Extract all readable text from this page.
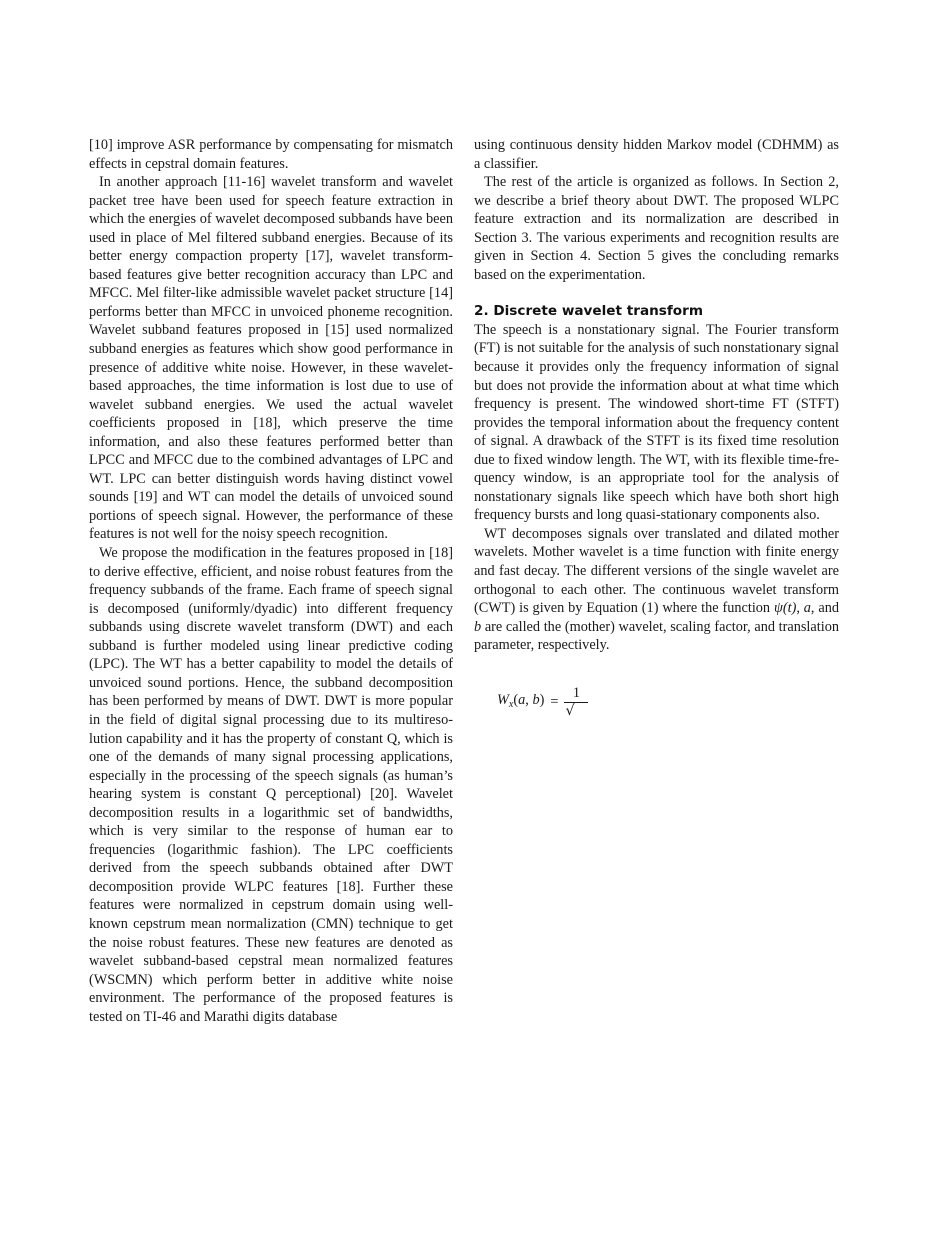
[10] improve ASR performance by compensating for mismatch effects in cepstral domain features.

In another approach [11-16] wavelet transform and wavelet packet tree have been used for speech feature extraction in which the energies of wavelet decomposed subbands have been used in place of Mel filtered subband energies. Because of its better energy compaction property [17], wavelet transform-based features give better recognition accuracy than LPC and MFCC. Mel filter-like admissible wavelet packet structure [14] performs better than MFCC in unvoiced phoneme recognition. Wavelet subband features proposed in [15] used normalized subband energies as features which show good performance in presence of additive white noise. However, in these wavelet-based approaches, the time information is lost due to use of wavelet subband energies. We used the actual wavelet coefficients proposed in [18], which preserve the time information, and also these features performed better than LPCC and MFCC due to the combined advantages of LPC and WT. LPC can better distinguish words having distinct vowel sounds [19] and WT can model the details of unvoiced sound portions of speech signal. However, the performance of these features is not well for the noisy speech recognition.

We propose the modification in the features proposed in [18] to derive effective, efficient, and noise robust features from the frequency subbands of the frame. Each frame of speech signal is decomposed (uniformly/dyadic) into different frequency subbands using discrete wavelet transform (DWT) and each subband is further modeled using linear predictive coding (LPC). The WT has a better capability to model the details of unvoiced sound portions. Hence, the subband decomposition has been performed by means of DWT. DWT is more popular in the field of digital signal processing due to its multiresolution capability and it has the property of constant Q, which is one of the demands of many signal processing applications, especially in the processing of the speech signals (as human’s hearing system is constant Q perceptional) [20]. Wavelet decomposition results in a logarithmic set of bandwidths, which is very similar to the response of human ear to frequencies (logarithmic fashion). The LPC coefficients derived from the speech subbands obtained after DWT decomposition provide WLPC features [18]. Further these features were normalized in cepstrum domain using well-known cepstrum mean normalization (CMN) technique to get the noise robust features. These new features are denoted as wavelet subband-based cepstral mean normalized features (WSCMN) which perform better in additive white noise environment. The performance of the proposed features is tested on TI-46 and Marathi digits database

using continuous density hidden Markov model (CDHMM) as a classifier.

The rest of the article is organized as follows. In Section 2, we describe a brief theory about DWT. The proposed WLPC feature extraction and its normalization are described in Section 3. The various experiments and recognition results are given in Section 4. Section 5 gives the concluding remarks based on the experimentation.

2. Discrete wavelet transform

The speech is a nonstationary signal. The Fourier transform (FT) is not suitable for the analysis of such nonstationary signal because it provides only the frequency information of signal but does not provide the information about at what time which frequency is present. The windowed short-time FT (STFT) provides the temporal information about the frequency content of signal. A drawback of the STFT is its fixed time resolution due to fixed window length. The WT, with its flexible time-frequency window, is an appropriate tool for the analysis of nonstationary signals like speech which have both short high frequency bursts and long quasi-stationary components also.

WT decomposes signals over translated and dilated mother wavelets. Mother wavelet is a time function with finite energy and fast decay. The different versions of the single wavelet are orthogonal to each other. The continuous wavelet transform (CWT) is given by Equation (1) where the function ψ(t), a, and b are called the (mother) wavelet, scaling factor, and translation parameter, respectively.

$W_x(a$, $b) = \frac{1}{√}$
